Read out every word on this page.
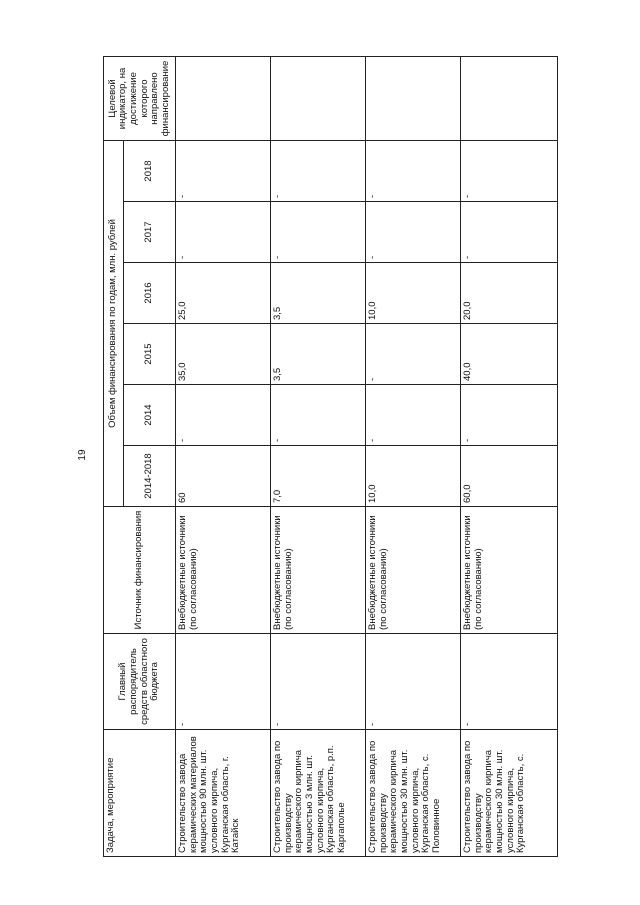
19
Задача, мероприятие	Главный распорядитель средств областного бюджета	Источник финансирования	Объем финансирования по годам, млн. рублей						Целевой индикатор, на достижение которого направлено финансирование
			2014-2018	2014	2015	2016	2017	2018	
Строительство завода керамических материалов мощностью 90 млн. шт. условного кирпича, Курганская область, г. Катайск	-	Внебюджетные источники (по согласованию)	60	-	35,0	25,0	-	-	
Строительство завода по производству керамического кирпича мощностью 3 млн. шт. условного кирпича, Курганская область, р.п. Каргаполье	-	Внебюджетные источники (по согласованию)	7,0	-	3,5	3,5	-	-	
Строительство завода по производству керамического кирпича мощностью 30 млн. шт. условного кирпича, Курганская область, с. Половинное	-	Внебюджетные источники (по согласованию)	10,0	-	-	10,0	-	-	
Строительство завода по производству керамического кирпича мощностью 30 млн. шт. условного кирпича, Курганская область, с.	-	Внебюджетные источники (по согласованию)	60,0	-	40,0	20,0	-	-	
